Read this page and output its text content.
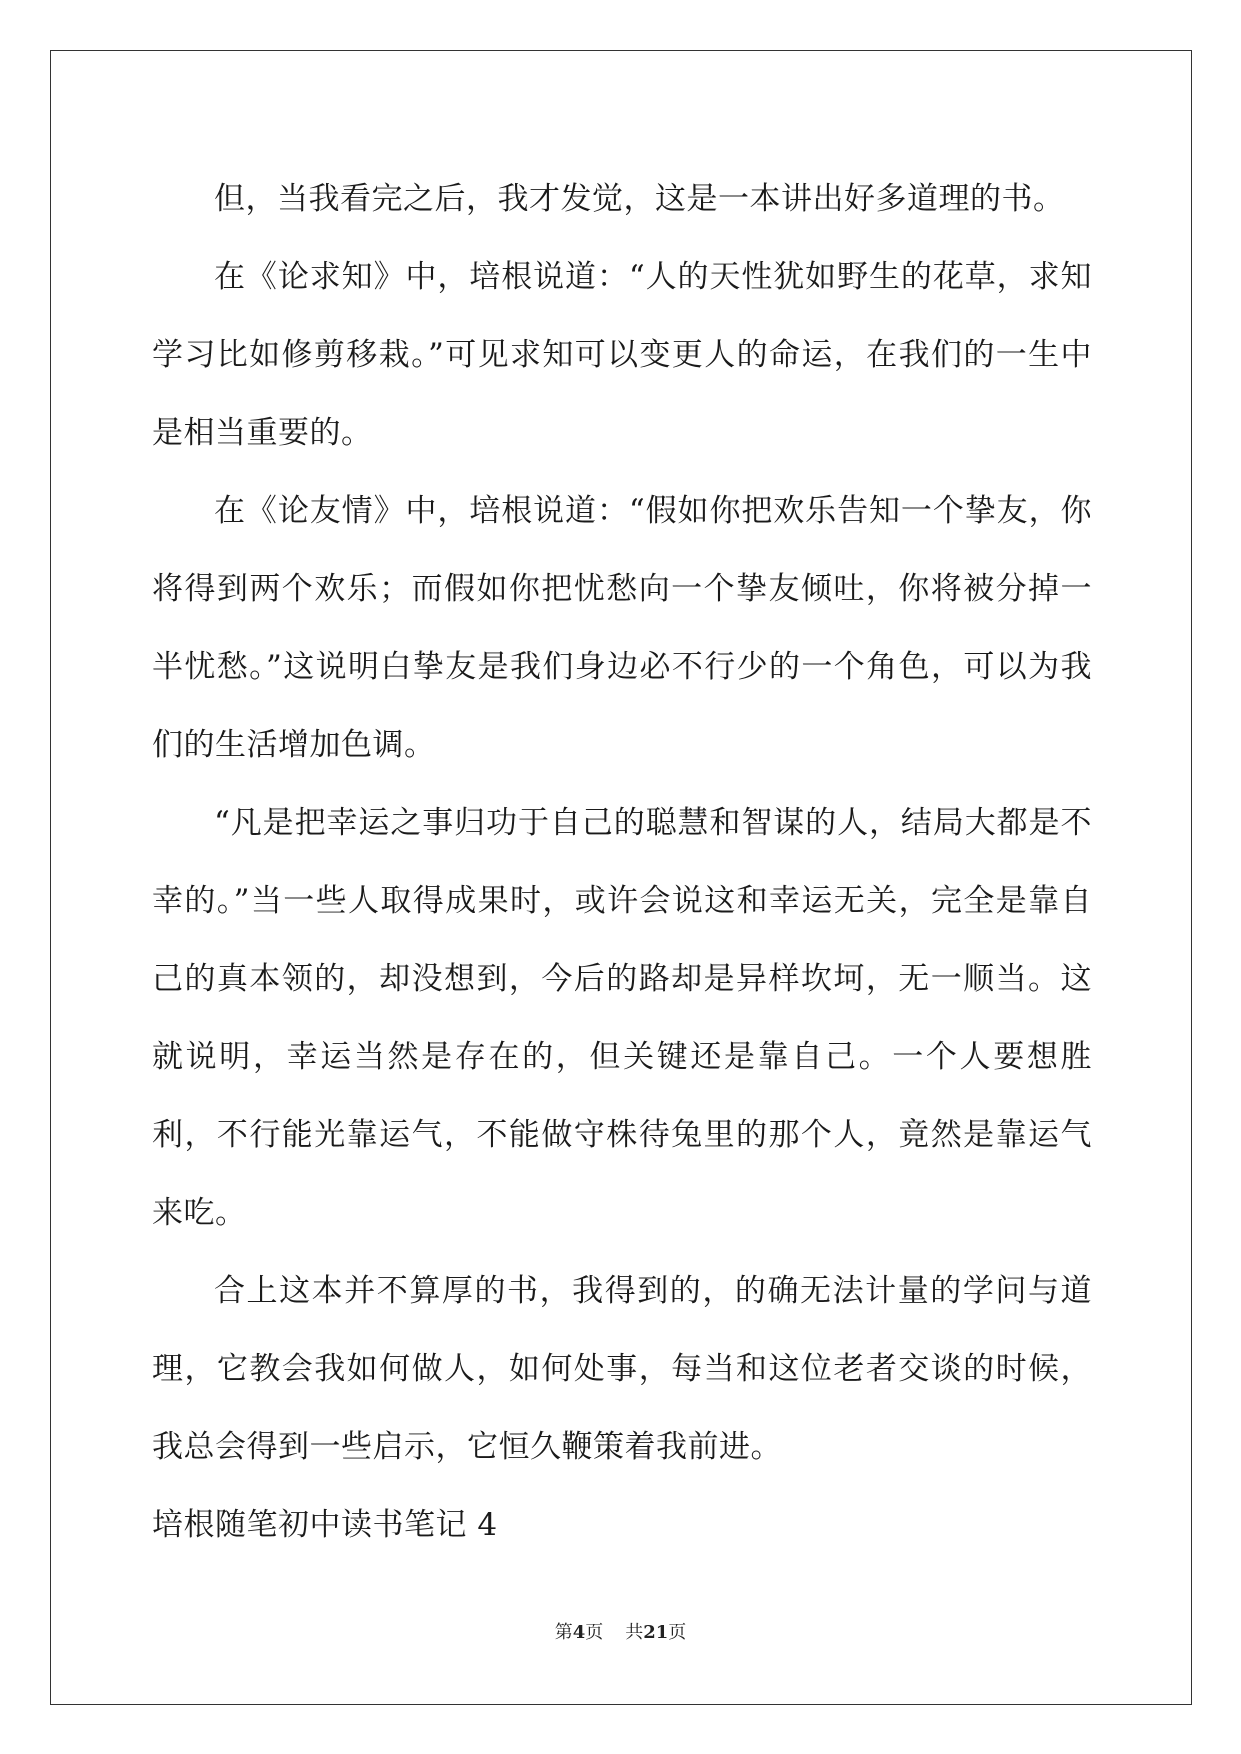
但，当我看完之后，我才发觉，这是一本讲出好多道理的书。

在《论求知》中，培根说道：“人的天性犹如野生的花草，求知学习比如修剪移栽。”可见求知可以变更人的命运，在我们的一生中是相当重要的。

在《论友情》中，培根说道：“假如你把欢乐告知一个挚友，你将得到两个欢乐；而假如你把忧愁向一个挚友倾吐，你将被分掉一半忧愁。”这说明白挚友是我们身边必不行少的一个角色，可以为我们的生活增加色调。

“凡是把幸运之事归功于自己的聪慧和智谋的人，结局大都是不幸的。”当一些人取得成果时，或许会说这和幸运无关，完全是靠自己的真本领的，却没想到，今后的路却是异样坎坷，无一顺当。这就说明，幸运当然是存在的，但关键还是靠自己。一个人要想胜利，不行能光靠运气，不能做守株待兔里的那个人，竟然是靠运气来吃。

合上这本并不算厚的书，我得到的，的确无法计量的学问与道理，它教会我如何做人，如何处事，每当和这位老者交谈的时候，我总会得到一些启示，它恒久鞭策着我前进。

培根随笔初中读书笔记 4

第4页 共21页
